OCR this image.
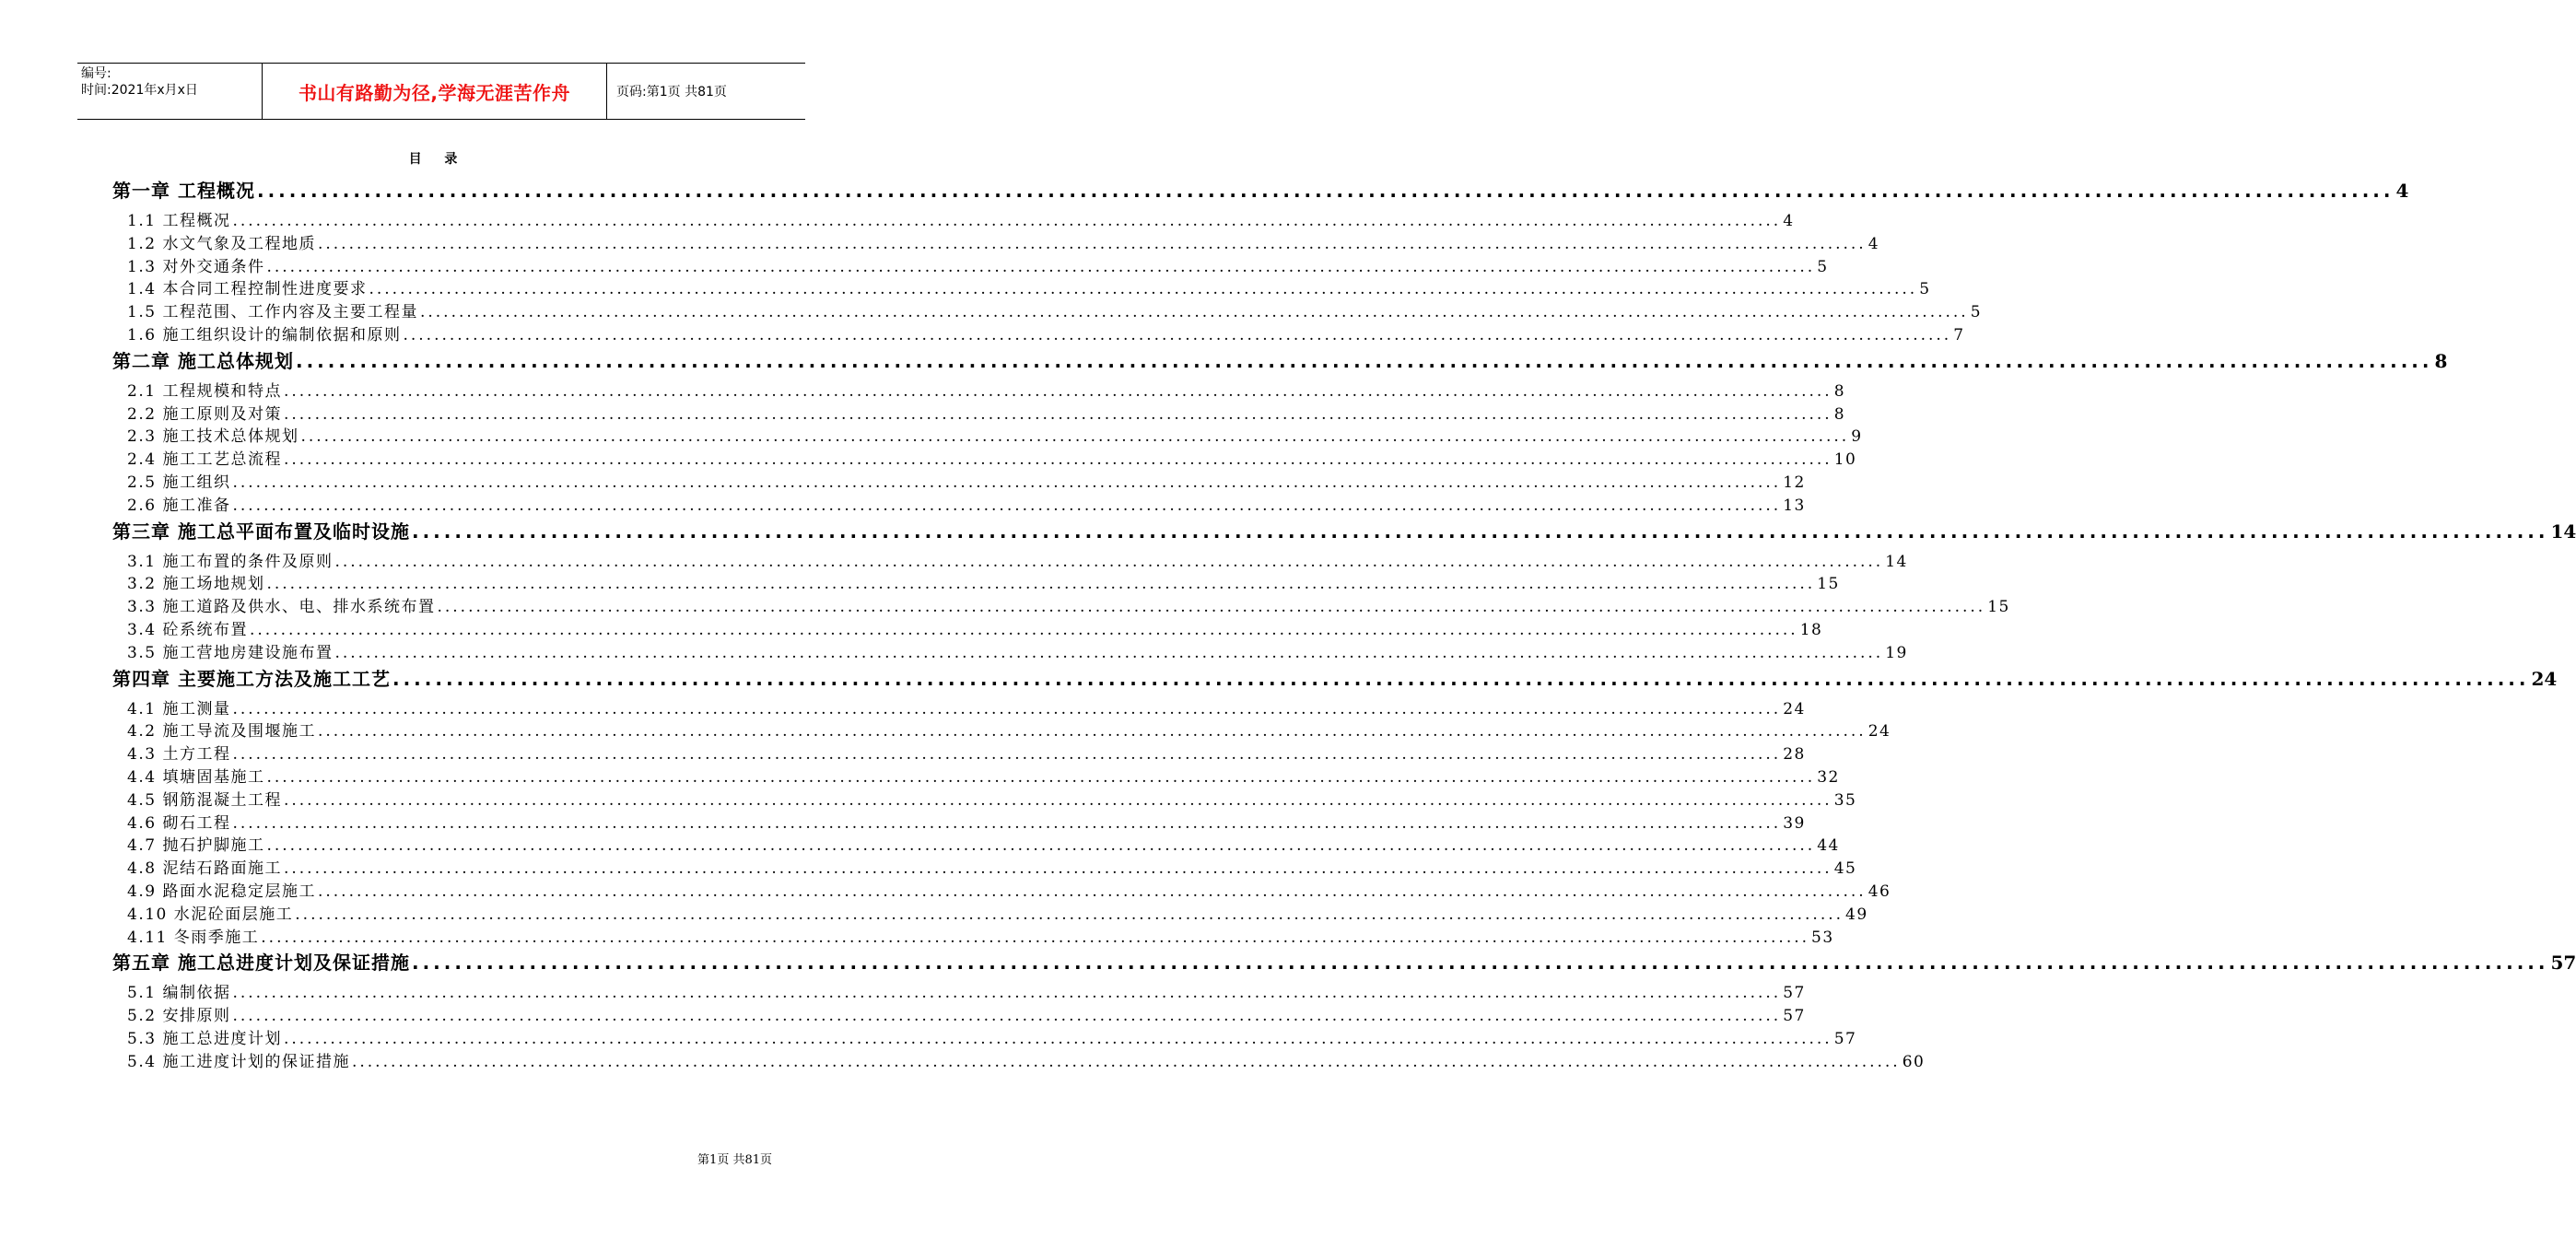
编号:
时间:2021年x月x日	书山有路勤为径,学海无涯苦作舟	页码:第1页 共81页
目 录
第一章 工程概况 ........................................................................................................................................................................................................ 4
1.1 工程概况 ........................................................................................................................................................................................................ 4
1.2 水文气象及工程地质 ........................................................................................................................................................................................................ 4
1.3 对外交通条件 ........................................................................................................................................................................................................ 5
1.4 本合同工程控制性进度要求 ........................................................................................................................................................................................................ 5
1.5 工程范围、工作内容及主要工程量 ........................................................................................................................................................................................................ 5
1.6 施工组织设计的编制依据和原则 ........................................................................................................................................................................................................ 7
第二章 施工总体规划 ........................................................................................................................................................................................................ 8
2.1 工程规模和特点 ........................................................................................................................................................................................................ 8
2.2 施工原则及对策 ........................................................................................................................................................................................................ 8
2.3 施工技术总体规划 ........................................................................................................................................................................................................ 9
2.4 施工工艺总流程 ........................................................................................................................................................................................................ 10
2.5 施工组织 ........................................................................................................................................................................................................ 12
2.6 施工准备 ........................................................................................................................................................................................................ 13
第三章 施工总平面布置及临时设施 ........................................................................................................................................................................................................ 14
3.1 施工布置的条件及原则 ........................................................................................................................................................................................................ 14
3.2 施工场地规划 ........................................................................................................................................................................................................ 15
3.3 施工道路及供水、电、排水系统布置 ........................................................................................................................................................................................................ 15
3.4 砼系统布置 ........................................................................................................................................................................................................ 18
3.5 施工营地房建设施布置 ........................................................................................................................................................................................................ 19
第四章 主要施工方法及施工工艺 ........................................................................................................................................................................................................ 24
4.1 施工测量 ........................................................................................................................................................................................................ 24
4.2 施工导流及围堰施工 ........................................................................................................................................................................................................ 24
4.3 土方工程 ........................................................................................................................................................................................................ 28
4.4 填塘固基施工 ........................................................................................................................................................................................................ 32
4.5 钢筋混凝土工程 ........................................................................................................................................................................................................ 35
4.6 砌石工程 ........................................................................................................................................................................................................ 39
4.7 抛石护脚施工 ........................................................................................................................................................................................................ 44
4.8 泥结石路面施工 ........................................................................................................................................................................................................ 45
4.9 路面水泥稳定层施工 ........................................................................................................................................................................................................ 46
4.10 水泥砼面层施工 ........................................................................................................................................................................................................ 49
4.11 冬雨季施工 ........................................................................................................................................................................................................ 53
第五章 施工总进度计划及保证措施 ........................................................................................................................................................................................................ 57
5.1 编制依据 ........................................................................................................................................................................................................ 57
5.2 安排原则 ........................................................................................................................................................................................................ 57
5.3 施工总进度计划 ........................................................................................................................................................................................................ 57
5.4 施工进度计划的保证措施 ........................................................................................................................................................................................................ 60
第1页 共81页
